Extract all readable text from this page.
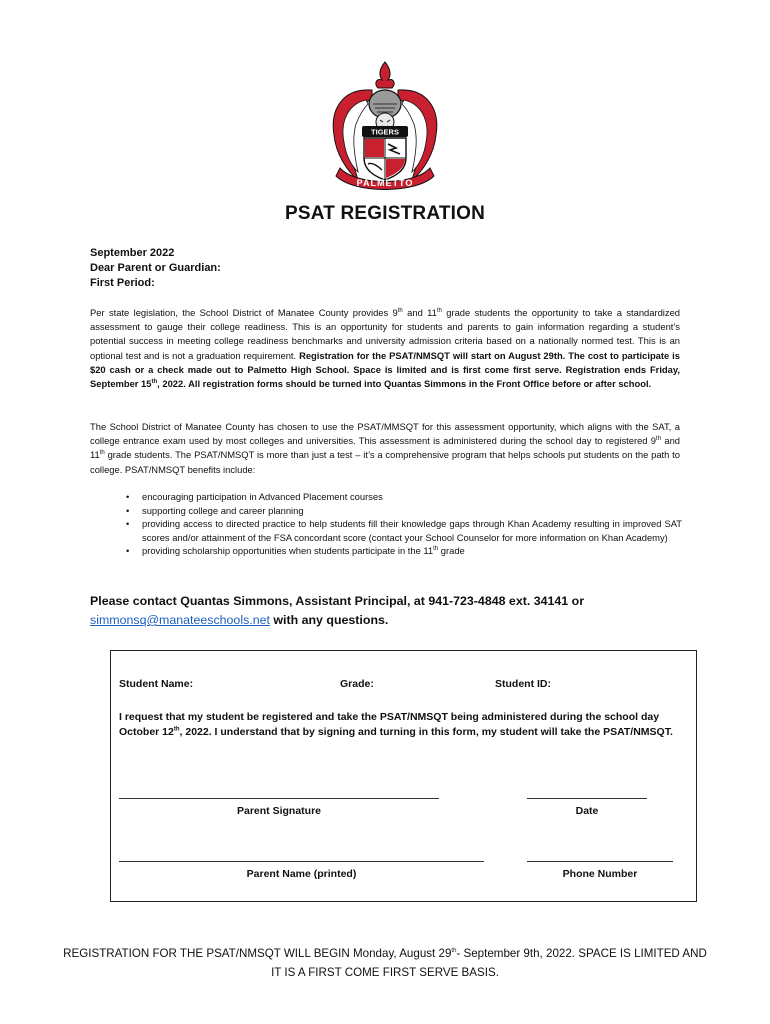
TIGERS
PALMETTO
PSAT REGISTRATION
September 2022
Dear Parent or Guardian:
First Period:
Per state legislation, the School District of Manatee County provides 9th and 11th grade students the opportunity to take a standardized assessment to gauge their college readiness. This is an opportunity for students and parents to gain information regarding a student’s potential success in meeting college readiness benchmarks and university admission criteria based on a nationally normed test. This is an optional test and is not a graduation requirement. Registration for the PSAT/NMSQT will start on August 29th. The cost to participate is $20 cash or a check made out to Palmetto High School. Space is limited and is first come first serve. Registration ends Friday, September 15th, 2022. All registration forms should be turned into Quantas Simmons in the Front Office before or after school.
The School District of Manatee County has chosen to use the PSAT/MMSQT for this assessment opportunity, which aligns with the SAT, a college entrance exam used by most colleges and universities. This assessment is administered during the school day to registered 9th and 11th grade students. The PSAT/NMSQT is more than just a test – it’s a comprehensive program that helps schools put students on the path to college. PSAT/NMSQT benefits include:
• encouraging participation in Advanced Placement courses
• supporting college and career planning
• providing access to directed practice to help students fill their knowledge gaps through Khan Academy resulting in improved SAT scores and/or attainment of the FSA concordant score (contact your School Counselor for more information on Khan Academy)
• providing scholarship opportunities when students participate in the 11th grade
Please contact Quantas Simmons, Assistant Principal, at 941-723-4848 ext. 34141 or
simmonsq@manateeschools.net with any questions.
Student Name:	Grade:	Student ID:
I request that my student be registered and take the PSAT/NMSQT being administered during the school day October 12th, 2022. I understand that by signing and turning in this form, my student will take the PSAT/NMSQT.
Parent Signature	Date
Parent Name (printed)	Phone Number
REGISTRATION FOR THE PSAT/NMSQT WILL BEGIN Monday, August 29th- September 9th, 2022. SPACE IS LIMITED AND IT IS A FIRST COME FIRST SERVE BASIS.
